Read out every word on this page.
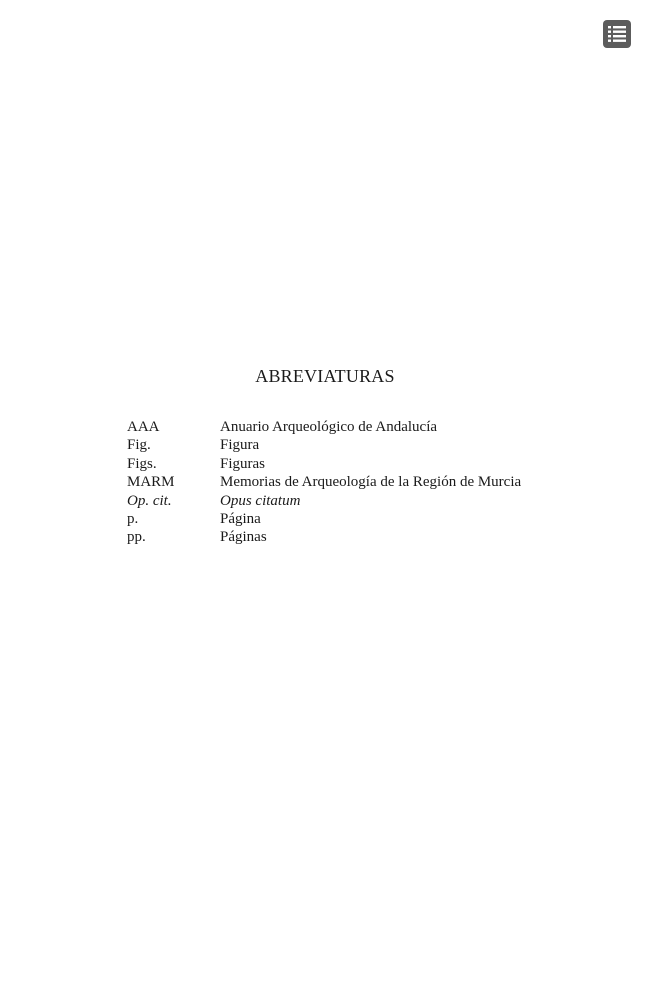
ABREVIATURAS
AAA	Anuario Arqueológico de Andalucía
Fig.	Figura
Figs.	Figuras
MARM	Memorias de Arqueología de la Región de Murcia
Op. cit.	Opus citatum
p.	Página
pp.	Páginas
